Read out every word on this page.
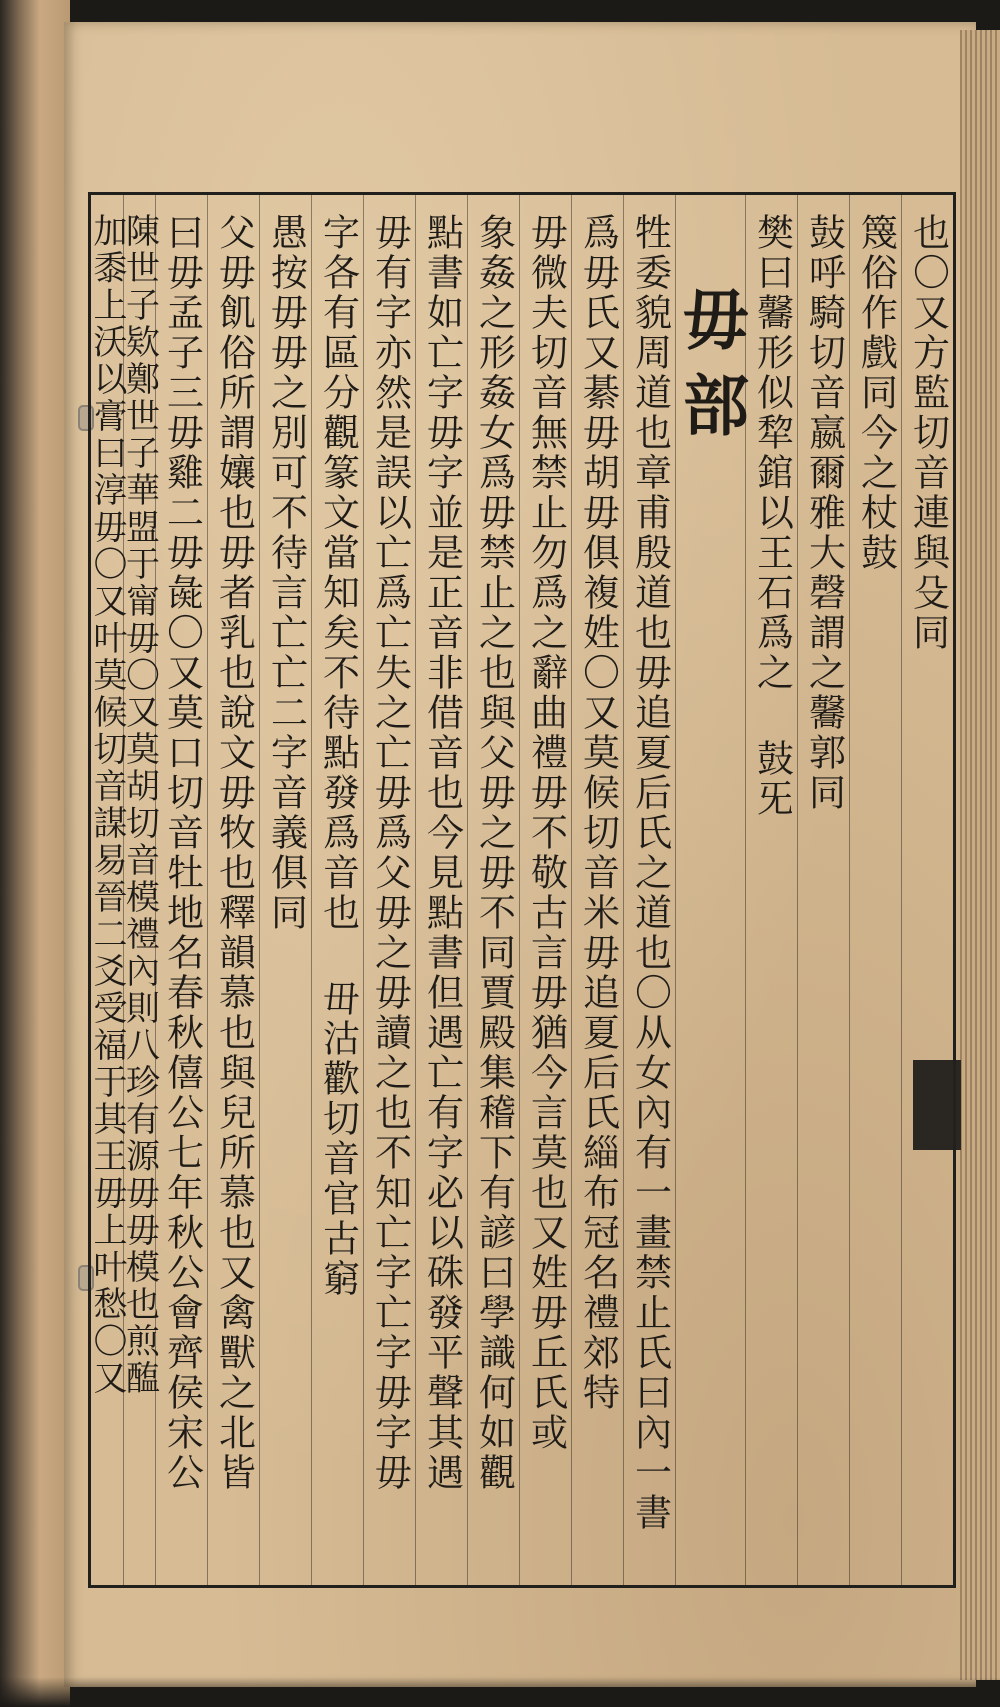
也〇又方監切音連與殳同
篾俗作戲同今之杖鼓
鼔呼騎切音嬴爾雅大磬謂之毊郭同
樊曰毊形似犂錧以王石爲之 鼓旡
毋部
牲委貌周道也章甫殷道也毋追夏后氏之道也〇从女內有一畫禁止氏曰內一書
爲毋氏又綦毋胡毋俱複姓〇又莫候切音米毋追夏后氏緇布冠名禮郊特
毋微夫切音無禁止勿爲之辭曲禮毋不敬古言毋猶今言莫也又姓毋丘氏或
象姦之形姦女爲毋禁止之也與父毋之毋不同賈殿集稽下有諺曰學識何如觀
點書如亡字毋字並是正音非借音也今見點書但遇亡有字必以硃發平聲其遇
毋有字亦然是誤以亡爲亡失之亡毋爲父毋之毋讀之也不知亡字亡字毋字毋
字各有區分觀篆文當知矣不待點發爲音也 毌沽歡切音官古窮
愚按毋毋之別可不待言亡亡二字音義俱同
父毋飢俗所謂孃也毋者乳也說文毋牧也釋韻慕也與兒所慕也又禽獸之北皆
曰毋孟子三毋雞二毋彘〇又莫口切音牡地名春秋僖公七年秋公會齊侯宋公
陳世子欵鄭世子華盟于甯毋〇又莫胡切音模禮內則八珍有源毋毋模也煎醢
加黍上沃以膏曰淳毋〇又叶莫候切音謀易晉二爻受福于其王毋上叶愁〇又
